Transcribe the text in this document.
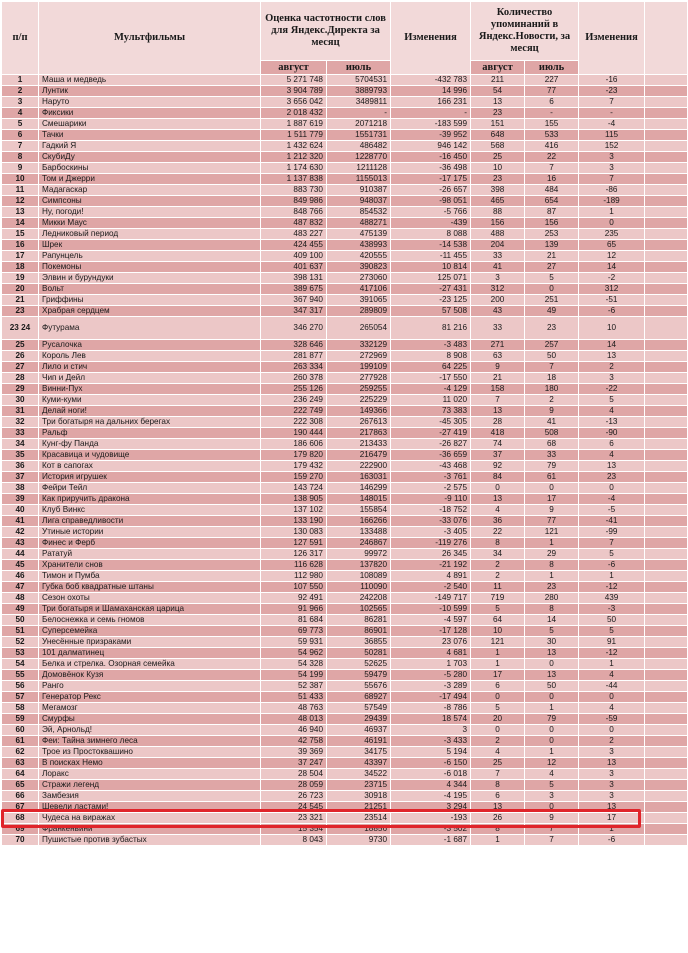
п/п	Мультфильмы	Оценка частотности слов для Яндекс.Директа за месяц		Изменения	Количество упоминаний в Яндекс.Новости, за месяц		Изменения	
		август	июль		август	июль		
1	Маша и медведь	5 271 748	5704531	-432 783	211	227	-16	
2	Лунтик	3 904 789	3889793	14 996	54	77	-23	
3	Наруто	3 656 042	3489811	166 231	13	6	7	
4	Фиксики	2 018 432	-	-	23	-	-	
5	Смешарики	1 887 619	2071218	-183 599	151	155	-4	
6	Тачки	1 511 779	1551731	-39 952	648	533	115	
7	Гадкий Я	1 432 624	486482	946 142	568	416	152	
8	СкубиДу	1 212 320	1228770	-16 450	25	22	3	
9	Барбоскины	1 174 630	1211128	-36 498	10	7	3	
10	Том и Джерри	1 137 838	1155013	-17 175	23	16	7	
11	Мадагаскар	883 730	910387	-26 657	398	484	-86	
12	Симпсоны	849 986	948037	-98 051	465	654	-189	
13	Ну, погоди!	848 766	854532	-5 766	88	87	1	
14	Микки Маус	487 832	488271	-439	156	156	0	
15	Ледниковый период	483 227	475139	8 088	488	253	235	
16	Шрек	424 455	438993	-14 538	204	139	65	
17	Рапунцель	409 100	420555	-11 455	33	21	12	
18	Покемоны	401 637	390823	10 814	41	27	14	
19	Элвин и бурундуки	398 131	273060	125 071	3	5	-2	
20	Вольт	389 675	417106	-27 431	312	0	312	
21	Гриффины	367 940	391065	-23 125	200	251	-51	
23	Храбрая сердцем	347 317	289809	57 508	43	49	-6	
23 24	Футурама	346 270	265054	81 216	33	23	10	
25	Русалочка	328 646	332129	-3 483	271	257	14	
26	Король Лев	281 877	272969	8 908	63	50	13	
27	Лило и стич	263 334	199109	64 225	9	7	2	
28	Чип и Дейл	260 378	277928	-17 550	21	18	3	
29	Винни-Пух	255 126	259255	-4 129	158	180	-22	
30	Куми-куми	236 249	225229	11 020	7	2	5	
31	Делай ноги!	222 749	149366	73 383	13	9	4	
32	Три богатыря на дальних берегах	222 308	267613	-45 305	28	41	-13	
33	Ральф	190 444	217863	-27 419	418	508	-90	
34	Кунг-фу Панда	186 606	213433	-26 827	74	68	6	
35	Красавица и чудовище	179 820	216479	-36 659	37	33	4	
36	Кот в сапогах	179 432	222900	-43 468	92	79	13	
37	История игрушек	159 270	163031	-3 761	84	61	23	
38	Фейри Тейл	143 724	146299	-2 575	0	0	0	
39	Как приручить дракона	138 905	148015	-9 110	13	17	-4	
40	Клуб Винкс	137 102	155854	-18 752	4	9	-5	
41	Лига справедливости	133 190	166266	-33 076	36	77	-41	
42	Утиные истории	130 083	133488	-3 405	22	121	-99	
43	Финес и Ферб	127 591	246867	-119 276	8	1	7	
44	Рататуй	126 317	99972	26 345	34	29	5	
45	Хранители снов	116 628	137820	-21 192	2	8	-6	
46	Тимон и Пумба	112 980	108089	4 891	2	1	1	
47	Губка боб квадратные штаны	107 550	110090	-2 540	11	23	-12	
48	Сезон охоты	92 491	242208	-149 717	719	280	439	
49	Три богатыря и Шамаханская царица	91 966	102565	-10 599	5	8	-3	
50	Белоснежка и семь гномов	81 684	86281	-4 597	64	14	50	
51	Суперсемейка	69 773	86901	-17 128	10	5	5	
52	Унесённые призраками	59 931	36855	23 076	121	30	91	
53	101 далматинец	54 962	50281	4 681	1	13	-12	
54	Белка и стрелка. Озорная семейка	54 328	52625	1 703	1	0	1	
55	Домовёнок Кузя	54 199	59479	-5 280	17	13	4	
56	Ранго	52 387	55676	-3 289	6	50	-44	
57	Генератор Рекс	51 433	68927	-17 494	0	0	0	
58	Мегамозг	48 763	57549	-8 786	5	1	4	
59	Смурфы	48 013	29439	18 574	20	79	-59	
60	Эй, Арнольд!	46 940	46937	3	0	0	0	
61	Феи: Тайна зимнего леса	42 758	46191	-3 433	2	0	2	
62	Трое из Простоквашино	39 369	34175	5 194	4	1	3	
63	В поисках Немо	37 247	43397	-6 150	25	12	13	
64	Лоракс	28 504	34522	-6 018	7	4	3	
65	Стражи легенд	28 059	23715	4 344	8	5	3	
66	Замбезия	26 723	30918	-4 195	6	3	3	
67	Шевели ластами!	24 545	21251	3 294	13	0	13	
68	Чудеса на виражах	23 321	23514	-193	26	9	17	
69	Франкенвини	15 354	18856	-3 502	8	7	1	
70	Пушистые против зубастых	8 043	9730	-1 687	1	7	-6	
